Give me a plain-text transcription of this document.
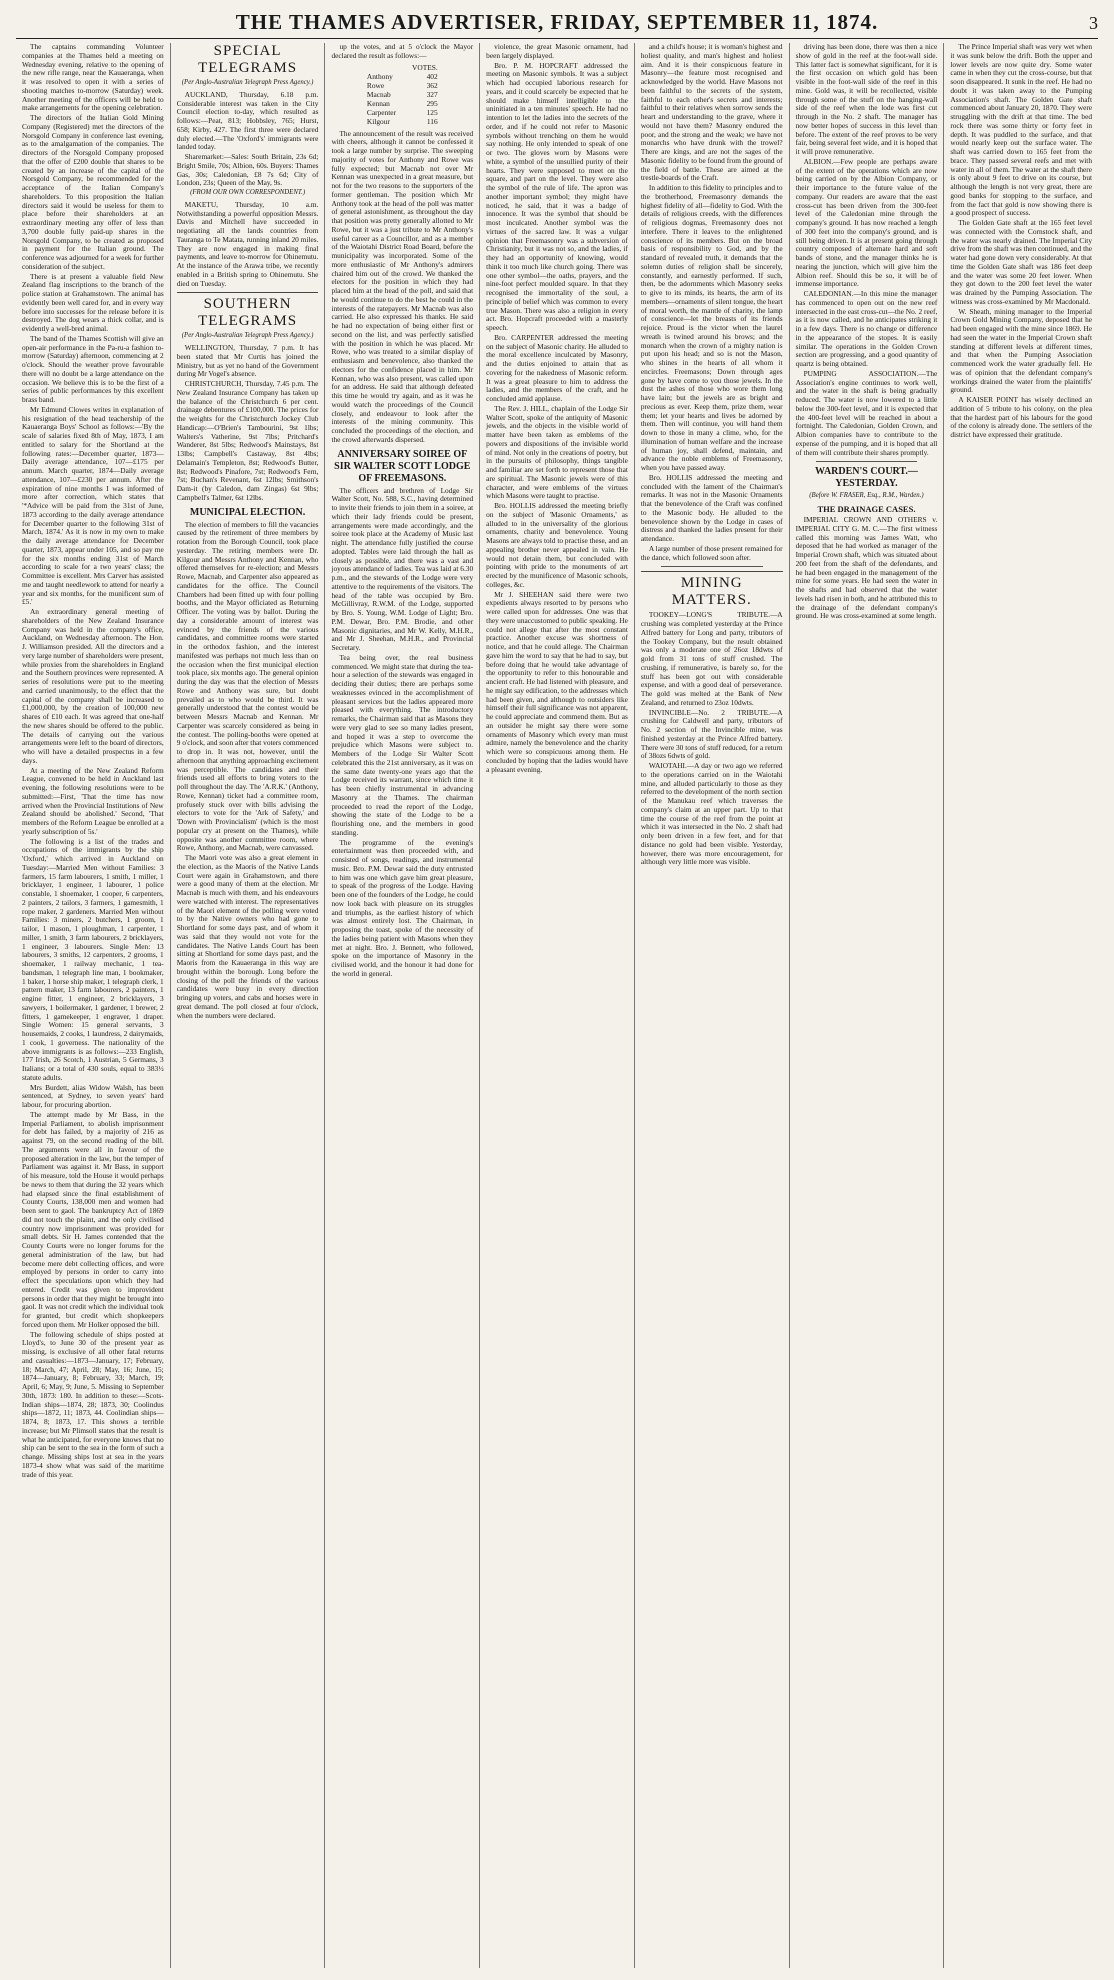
THE THAMES ADVERTISER, FRIDAY, SEPTEMBER 11, 1874.	3

The captains commanding Volunteer companies at the Thames held a meeting on Wednesday evening, relative to the opening of the new rifle range, near the Kauaeranga, when it was resolved to open it with a series of shooting matches to-morrow (Saturday) week. Another meeting of the officers will be held to make arrangements for the opening celebration.

The directors of the Italian Gold Mining Company (Registered) met the directors of the Norsgold Company in conference last evening, as to the amalgamation of the companies. The directors of the Norsgold Company proposed that the offer of £200 double that shares to be created by an increase of the capital of the Norsgold Company, be recommended for the acceptance of the Italian Company's shareholders. To this proposition the Italian directors said it would be useless for them to place before their shareholders at an extraordinary meeting any offer of less than 3,700 double fully paid-up shares in the Norsgold Company, to be created as proposed in payment for the Italian ground. The conference was adjourned for a week for further consideration of the subject.

There is at present a valuable field New Zealand flag inscriptions to the branch of the police station at Grahamstown. The animal has evidently been well cared for, and in every way before into successes for the release before it is destroyed. The dog wears a thick collar, and is evidently a well-bred animal.

The band of the Thames Scottish will give an open-air performance in the Pa-ru-a fashion to-morrow (Saturday) afternoon, commencing at 2 o'clock. Should the weather prove favourable there will no doubt be a large attendance on the occasion. We believe this is to be the first of a series of public performances by this excellent brass band.

Mr Edmund Clowes writes in explanation of his resignation of the head teachership of the Kauaeranga Boys' School as follows:—'By the scale of salaries fixed 8th of May, 1873, I am entitled to salary for the Shortland at the following rates:—December quarter, 1873—Daily average attendance, 107—£175 per annum. March quarter, 1874—Daily average attendance, 107—£230 per annum. After the expiration of nine months I was informed of more after correction, which states that '*Advice will be paid from the 31st of June, 1873 according to the daily average attendance for December quarter to the following 31st of March, 1874.' As it is now in my own to make the daily average attendance for December quarter, 1873, appear under 105, and so pay me for the six months ending 31st of March according to scale for a two years' class; the Committee is excellent. Mrs Carver has assisted me and taught needlework to attend for nearly a year and six months, for the munificent sum of £5.'

An extraordinary general meeting of shareholders of the New Zealand Insurance Company was held in the company's office, Auckland, on Wednesday afternoon. The Hon. J. Williamson presided. All the directors and a very large number of shareholders were present, while proxies from the shareholders in England and the Southern provinces were represented. A series of resolutions were put to the meeting and carried unanimously, to the effect that the capital of the company shall be increased to £1,000,000, by the creation of 100,000 new shares of £10 each. It was agreed that one-half the new shares should be offered to the public. The details of carrying out the various arrangements were left to the board of directors, who will have a detailed prospectus in a few days.

At a meeting of the New Zealand Reform League, convened to be held in Auckland last evening, the following resolutions were to be submitted:—First, 'That the time has now arrived when the Provincial Institutions of New Zealand should be abolished.' Second, 'That members of the Reform League be enrolled at a yearly subscription of 5s.'

The following is a list of the trades and occupations of the immigrants by the ship 'Oxford,' which arrived in Auckland on Tuesday:—Married Men without Families: 3 farmers, 15 farm labourers, 1 smith, 1 miller, 1 bricklayer, 1 engineer, 1 labourer, 1 police constable, 1 shoemaker, 1 cooper, 6 carpenters, 2 painters, 2 tailors, 3 farmers, 1 gamesmith, 1 rope maker, 2 gardeners. Married Men without Families: 3 miners, 2 butchers, 1 groom, 1 tailor, 1 mason, 1 ploughman, 1 carpenter, 1 miller, 1 smith, 3 farm labourers, 2 bricklayers, 1 engineer, 3 labourers. Single Men: 13 labourers, 3 smiths, 12 carpenters, 2 grooms, 1 shoemaker, 1 railway mechanic, 1 tea-bandsman, 1 telegraph line man, 1 bookmaker, 1 baker, 1 horse ship maker, 1 telegraph clerk, 1 pattern maker, 13 farm labourers, 2 painters, 1 engine fitter, 1 engineer, 2 bricklayers, 3 sawyers, 1 boilermaker, 1 gardener, 1 brewer, 2 fitters, 1 gamekeeper, 1 engraver, 1 draper. Single Women: 15 general servants, 3 housemaids, 2 cooks, 1 laundress, 2 dairymaids, 1 cook, 1 governess. The nationality of the above immigrants is as follows:—233 English, 177 Irish, 26 Scotch, 1 Austrian, 5 Germans, 3 Italians; or a total of 430 souls, equal to 383½ statute adults.

Mrs Burdett, alias Widow Walsh, has been sentenced, at Sydney, to seven years' hard labour, for procuring abortion.

The attempt made by Mr Bass, in the Imperial Parliament, to abolish imprisonment for debt has failed, by a majority of 216 as against 79, on the second reading of the bill. The arguments were all in favour of the proposed alteration in the law, but the temper of Parliament was against it. Mr Bass, in support of his measure, told the House it would perhaps be news to them that during the 32 years which had elapsed since the final establishment of County Courts, 138,000 men and women had been sent to gaol. The bankruptcy Act of 1869 did not touch the plaint, and the only civilised country now imprisonment was provided for small debts. Sir H. James contended that the County Courts were no longer forums for the general administration of the law, but had become mere debt collecting offices, and were employed by persons in order to carry into effect the speculations upon which they had entered. Credit was given to improvident persons in order that they might be brought into gaol. It was not credit which the individual took for granted, but credit which shopkeepers forced upon them. Mr Holker opposed the bill.

The following schedule of ships posted at Lloyd's, to June 30 of the present year as missing, is exclusive of all other fatal returns and casualties:—1873—January, 17; February, 18; March, 47; April, 28; May, 16; June, 15; 1874—January, 8; February, 33; March, 19; April, 6; May, 9; June, 5. Missing to September 30th, 1873: 180. In addition to these:—Scots-Indian ships—1874, 28; 1873, 30; Coolindus ships—1872, 11; 1873, 44. Coolindian ships—1874, 8; 1873, 17. This shows a terrible increase; but Mr Plimsoll states that the result is what he anticipated, for everyone knows that no ship can be sent to the sea in the form of such a change. Missing ships lost at sea in the years 1873-4 show what was said of the maritime trade of this year.

SPECIAL TELEGRAMS

(Per Anglo-Australian Telegraph Press Agency.)

AUCKLAND, Thursday, 6.18 p.m. Considerable interest was taken in the City Council election to-day, which resulted as follows:—Peat, 813; Hobbsley, 765; Hurst, 658; Kirby, 427. The first three were declared duly elected.—The 'Oxford's' immigrants were landed today.

Sharemarket:—Sales: South Britain, 23s 6d; Bright Smile, 70s; Albion, 60s. Buyers: Thames Gas, 30s; Caledonian, £8 7s 6d; City of London, 23s; Queen of the May, 9s.

(FROM OUR OWN CORRESPONDENT.)

MAKETU, Thursday, 10 a.m. Notwithstanding a powerful opposition Messrs. Davis and Mitchell have succeeded in negotiating all the lands countries from Tauranga to Te Matata, running inland 20 miles. They are now engaged in making final payments, and leave to-morrow for Ohinemutu. At the instance of the Arawa tribe, we recently enabled in a British spring to Ohinemutu. She died on Tuesday.

SOUTHERN TELEGRAMS

(Per Anglo-Australian Telegraph Press Agency.)

WELLINGTON, Thursday, 7 p.m. It has been stated that Mr Curtis has joined the Ministry, but as yet no hand of the Government during Mr Vogel's absence.

CHRISTCHURCH, Thursday, 7.45 p.m. The New Zealand Insurance Company has taken up the balance of the Christchurch 6 per cent. drainage debentures of £100,000. The prices for the weights for the Christchurch Jockey Club Handicap:—O'Brien's Tambourini, 9st 1lbs; Walters's Vatherine, 9st 7lbs; Pritchard's Wanderer, 8st 5lbs; Redwood's Mainstays, 8st 13lbs; Campbell's Castaway, 8st 4lbs; Delamain's Templeton, 8st; Redwood's Butter, 8st; Redwood's Pinafore, 7st; Redwood's Fern, 7st; Buchan's Revenant, 6st 12lbs; Smithson's Dam-it (by Caledon, dam Zingas) 6st 9lbs; Campbell's Talmer, 6st 12lbs.

MUNICIPAL ELECTION.

The election of members to fill the vacancies caused by the retirement of three members by rotation from the Borough Council, took place yesterday. The retiring members were Dr. Kilgour and Messrs Anthony and Kennan, who offered themselves for re-election; and Messrs Rowe, Macnab, and Carpenter also appeared as candidates for the office. The Council Chambers had been fitted up with four polling booths, and the Mayor officiated as Returning Officer. The voting was by ballot. During the day a considerable amount of interest was evinced by the friends of the various candidates, and committee rooms were started in the orthodox fashion, and the interest manifested was perhaps not much less than on the occasion when the first municipal election took place, six months ago. The general opinion during the day was that the election of Messrs Rowe and Anthony was sure, but doubt prevailed as to who would be third. It was generally understood that the contest would be between Messrs Macnab and Kennan. Mr Carpenter was scarcely considered as being in the contest. The polling-booths were opened at 9 o'clock, and soon after that voters commenced to drop in. It was not, however, until the afternoon that anything approaching excitement was perceptible. The candidates and their friends used all efforts to bring voters to the poll throughout the day. The 'A.R.K.' (Anthony, Rowe, Kennan) ticket had a committee room, profusely stuck over with bills advising the electors to vote for the 'Ark of Safety,' and 'Down with Provincialism' (which is the most popular cry at present on the Thames), while opposite was another committee room, where Rowe, Anthony, and Macnab, were canvassed.

The Maori vote was also a great element in the election, as the Maoris of the Native Lands Court were again in Grahamstown, and there were a good many of them at the election. Mr Macnab is much with them, and his endeavours were watched with interest. The representatives of the Maori element of the polling were voted to by the Native owners who had gone to Shortland for some days past, and of whom it was said that they would not vote for the candidates. The Native Lands Court has been sitting at Shortland for some days past, and the Maoris from the Kauaeranga in this way are brought within the borough. Long before the closing of the poll the friends of the various candidates were busy in every direction bringing up voters, and cabs and horses were in great demand. The poll closed at four o'clock, when the numbers were declared.

up the votes, and at 5 o'clock the Mayor declared the result as follows:—

	VOTES.
Anthony	402
Rowe	362
Macnab	327
Kennan	295
Carpenter	125
Kilgour	116

The announcement of the result was received with cheers, although it cannot be confessed it took a large number by surprise. The sweeping majority of votes for Anthony and Rowe was fully expected; but Macnab not over Mr Kennan was unexpected in a great measure, but not for the two reasons to the supporters of the former gentleman. The position which Mr Anthony took at the head of the poll was matter of general astonishment, as throughout the day that position was pretty generally allotted to Mr Rowe, but it was a just tribute to Mr Anthony's useful career as a Councillor, and as a member of the Waiotahi District Road Board, before the municipality was incorporated. Some of the more enthusiastic of Mr Anthony's admirers chaired him out of the crowd. We thanked the electors for the position in which they had placed him at the head of the poll, and said that he would continue to do the best he could in the interests of the ratepayers. Mr Macnab was also carried. He also expressed his thanks. He said he had no expectation of being either first or second on the list, and was perfectly satisfied with the position in which he was placed. Mr Rowe, who was treated to a similar display of enthusiasm and benevolence, also thanked the electors for the confidence placed in him. Mr Kennan, who was also present, was called upon for an address. He said that although defeated this time he would try again, and as it was he would watch the proceedings of the Council closely, and endeavour to look after the interests of the mining community. This concluded the proceedings of the election, and the crowd afterwards dispersed.

ANNIVERSARY SOIREE OF SIR WALTER SCOTT LODGE OF FREEMASONS.

The officers and brethren of Lodge Sir Walter Scott, No. 588, S.C., having determined to invite their friends to join them in a soiree, at which their lady friends could be present, arrangements were made accordingly, and the soiree took place at the Academy of Music last night. The attendance fully justified the course adopted. Tables were laid through the hall as closely as possible, and there was a vast and joyous attendance of ladies. Tea was laid at 6.30 p.m., and the stewards of the Lodge were very attentive to the requirements of the visitors. The head of the table was occupied by Bro. McGillivray, R.W.M. of the Lodge, supported by Bro. S. Young, W.M. Lodge of Light; Bro. P.M. Dewar, Bro. P.M. Brodie, and other Masonic dignitaries, and Mr W. Kelly, M.H.R., and Mr J. Sheehan, M.H.R., and Provincial Secretary.

Tea being over, the real business commenced. We might state that during the tea-hour a selection of the stewards was engaged in deciding their duties; there are perhaps some weaknesses evinced in the accomplishment of pleasant services but the ladies appeared more pleased with everything. The introductory remarks, the Chairman said that as Masons they were very glad to see so many ladies present, and hoped it was a step to overcome the prejudice which Masons were subject to. Members of the Lodge Sir Walter Scott celebrated this the 21st anniversary, as it was on the same date twenty-one years ago that the Lodge received its warrant, since which time it has been chiefly instrumental in advancing Masonry at the Thames. The chairman proceeded to read the report of the Lodge, showing the state of the Lodge to be a flourishing one, and the members in good standing.

The programme of the evening's entertainment was then proceeded with, and consisted of songs, readings, and instrumental music. Bro. P.M. Dewar said the duty entrusted to him was one which gave him great pleasure, to speak of the progress of the Lodge. Having been one of the founders of the Lodge, he could now look back with pleasure on its struggles and triumphs, as the earliest history of which was almost entirely lost. The Chairman, in proposing the toast, spoke of the necessity of the ladies being patient with Masons when they met at night. Bro. J. Bennett, who followed, spoke on the importance of Masonry in the civilised world, and the honour it had done for the world in general.

violence, the great Masonic ornament, had been largely displayed.

Bro. P. M. HOPCRAFT addressed the meeting on Masonic symbols. It was a subject which had occupied laborious research for years, and it could scarcely be expected that he should make himself intelligible to the uninitiated in a ten minutes' speech. He had no intention to let the ladies into the secrets of the order, and if he could not refer to Masonic symbols without trenching on them he would say nothing. He only intended to speak of one or two. The gloves worn by Masons were white, a symbol of the unsullied purity of their hearts. They were supposed to meet on the square, and part on the level. They were also the symbol of the rule of life. The apron was another important symbol; they might have noticed, he said, that it was a badge of innocence. It was the symbol that should be most inculcated. Another symbol was the virtues of the sacred law. It was a vulgar opinion that Freemasonry was a subversion of Christianity, but it was not so, and the ladies, if they had an opportunity of knowing, would think it too much like church going. There was one other symbol—the oaths, prayers, and the nine-foot perfect moulded square. In that they recognised the immortality of the soul, a principle of belief which was common to every true Mason. There was also a religion in every act. Bro. Hopcraft proceeded with a masterly speech.

Bro. CARPENTER addressed the meeting on the subject of Masonic charity. He alluded to the moral excellence inculcated by Masonry, and the duties enjoined to attain that as covering for the nakedness of Masonic reform. It was a great pleasure to him to address the ladies, and the members of the craft, and he concluded amid applause.

The Rev. J. HILL, chaplain of the Lodge Sir Walter Scott, spoke of the antiquity of Masonic jewels, and the objects in the visible world of matter have been taken as emblems of the powers and dispositions of the invisible world of mind. Not only in the creations of poetry, but in the pursuits of philosophy, things tangible and familiar are set forth to represent those that are spiritual. The Masonic jewels were of this character, and were emblems of the virtues which Masons were taught to practise.

Bro. HOLLIS addressed the meeting briefly on the subject of 'Masonic Ornaments,' as alluded to in the universality of the glorious ornaments, charity and benevolence. Young Masons are always told to practise these, and an appealing brother never appealed in vain. He would not detain them, but concluded with pointing with pride to the monuments of art erected by the munificence of Masonic schools, colleges, &c.

Mr J. SHEEHAN said there were two expedients always resorted to by persons who were called upon for addresses. One was that they were unaccustomed to public speaking. He could not allege that after the most constant practice. Another excuse was shortness of notice, and that he could allege. The Chairman gave him the word to say that he had to say, but before doing that he would take advantage of the opportunity to refer to this honourable and ancient craft. He had listened with pleasure, and he might say edification, to the addresses which had been given, and although to outsiders like himself their full significance was not apparent, he could appreciate and commend them. But as an outsider he might say there were some ornaments of Masonry which every man must admire, namely the benevolence and the charity which were so conspicuous among them. He concluded by hoping that the ladies would have a pleasant evening.

and a child's house; it is woman's highest and holiest quality, and man's highest and holiest aim. And it is their conspicuous feature in Masonry—the feature most recognised and acknowledged by the world. Have Masons not been faithful to the secrets of the system, faithful to each other's secrets and interests; faithful to their relatives when sorrow sends the heart and understanding to the grave, where it would not have them? Masonry endured the poor, and the strong and the weak; we have not monarchs who have drunk with the trowel? There are kings, and are not the sages of the Masonic fidelity to be found from the ground of the field of battle. These are aimed at the trestle-boards of the Craft.

In addition to this fidelity to principles and to the brotherhood, Freemasonry demands the highest fidelity of all—fidelity to God. With the details of religious creeds, with the differences of religious dogmas, Freemasonry does not interfere. There it leaves to the enlightened conscience of its members. But on the broad basis of responsibility to God, and by the standard of revealed truth, it demands that the solemn duties of religion shall be sincerely, constantly, and earnestly performed. If such, then, be the adornments which Masonry seeks to give to its minds, its hearts, the arm of its members—ornaments of silent tongue, the heart of moral worth, the mantle of charity, the lamp of conscience—let the breasts of its friends rejoice. Proud is the victor when the laurel wreath is twined around his brows; and the monarch when the crown of a mighty nation is put upon his head; and so is not the Mason, who shines in the hearts of all whom it encircles. Freemasons; Down through ages gone by have come to you those jewels. In the dust the ashes of those who wore them long have lain; but the jewels are as bright and precious as ever. Keep them, prize them, wear them; let your hearts and lives be adorned by them. Then will continue, you will hand them down to those in many a clime, who, for the illumination of human welfare and the increase of human joy, shall defend, maintain, and advance the noble emblems of Freemasonry, when you have passed away.

Bro. HOLLIS addressed the meeting and concluded with the lament of the Chairman's remarks. It was not in the Masonic Ornaments that the benevolence of the Craft was confined to the Masonic body. He alluded to the benevolence shown by the Lodge in cases of distress and thanked the ladies present for their attendance.

A large number of those present remained for the dance, which followed soon after.

MINING MATTERS.

TOOKEY—LONG'S TRIBUTE.—A crushing was completed yesterday at the Prince Alfred battery for Long and party, tributors of the Tookey Company, but the result obtained was only a moderate one of 26oz 18dwts of gold from 31 tons of stuff crushed. The crushing, if remunerative, is barely so, for the stuff has been got out with considerable expense, and with a good deal of perseverance. The gold was melted at the Bank of New Zealand, and returned to 23oz 10dwts.

INVINCIBLE—No. 2 TRIBUTE.—A crushing for Caldwell and party, tributors of No. 2 section of the Invincible mine, was finished yesterday at the Prince Alfred battery. There were 30 tons of stuff reduced, for a return of 38ozs 6dwts of gold.

WAIOTAHI.—A day or two ago we referred to the operations carried on in the Waiotahi mine, and alluded particularly to those as they referred to the development of the north section of the Manukau reef which traverses the company's claim at an upper part. Up to that time the course of the reef from the point at which it was intersected in the No. 2 shaft had only been driven in a few feet, and for that distance no gold had been visible. Yesterday, however, there was more encouragement, for although very little more was visible.

driving has been done, there was then a nice show of gold in the reef at the foot-wall side. This latter fact is somewhat significant, for it is the first occasion on which gold has been visible in the foot-wall side of the reef in this mine. Gold was, it will be recollected, visible through some of the stuff on the hanging-wall side of the reef when the lode was first cut through in the No. 2 shaft. The manager has now better hopes of success in this level than before. The extent of the reef proves to be very fair, being several feet wide, and it is hoped that it will prove remunerative.

ALBION.—Few people are perhaps aware of the extent of the operations which are now being carried on by the Albion Company, or their importance to the future value of the company. Our readers are aware that the east cross-cut has been driven from the 300-feet level of the Caledonian mine through the company's ground. It has now reached a length of 300 feet into the company's ground, and is still being driven. It is at present going through country composed of alternate hard and soft bands of stone, and the manager thinks he is nearing the junction, which will give him the Albion reef. Should this be so, it will be of immense importance.

CALEDONIAN.—In this mine the manager has commenced to open out on the new reef intersected in the east cross-cut—the No. 2 reef, as it is now called, and he anticipates striking it in a few days. There is no change or difference in the appearance of the stopes. It is easily similar. The operations in the Golden Crown section are progressing, and a good quantity of quartz is being obtained.

PUMPING ASSOCIATION.—The Association's engine continues to work well, and the water in the shaft is being gradually reduced. The water is now lowered to a little below the 300-feet level, and it is expected that the 400-feet level will be reached in about a fortnight. The Caledonian, Golden Crown, and Albion companies have to contribute to the expense of the pumping, and it is hoped that all of them will contribute their shares promptly.

WARDEN'S COURT.—YESTERDAY.

(Before W. FRASER, Esq., R.M., Warden.)

THE DRAINAGE CASES.

IMPERIAL CROWN AND OTHERS v. IMPERIAL CITY G. M. C.—The first witness called this morning was James Watt, who deposed that he had worked as manager of the Imperial Crown shaft, which was situated about 200 feet from the shaft of the defendants, and he had been engaged in the management of the mine for some years. He had seen the water in the shafts and had observed that the water levels had risen in both, and he attributed this to the drainage of the defendant company's ground. He was cross-examined at some length.

The Prince Imperial shaft was very wet when it was sunk below the drift. Both the upper and lower levels are now quite dry. Some water came in when they cut the cross-course, but that soon disappeared. It sunk in the reef. He had no doubt it was taken away to the Pumping Association's shaft. The Golden Gate shaft commenced about January 20, 1870. They were struggling with the drift at that time. The bed rock there was some thirty or forty feet in depth. It was puddled to the surface, and that would nearly keep out the surface water. The shaft was carried down to 165 feet from the brace. They passed several reefs and met with water in all of them. The water at the shaft there is only about 9 feet to drive on its course, but although the length is not very great, there are good banks for stopping to the surface, and from the fact that gold is now showing there is a good prospect of success.

The Golden Gate shaft at the 165 feet level was connected with the Cornstock shaft, and the water was nearly drained. The Imperial City drive from the shaft was then continued, and the water had gone down very considerably. At that time the Golden Gate shaft was 186 feet deep and the water was some 20 feet lower. When they got down to the 200 feet level the water was drained by the Pumping Association. The witness was cross-examined by Mr Macdonald.

W. Sheath, mining manager to the Imperial Crown Gold Mining Company, deposed that he had been engaged with the mine since 1869. He had seen the water in the Imperial Crown shaft standing at different levels at different times, and that when the Pumping Association commenced work the water gradually fell. He was of opinion that the defendant company's workings drained the water from the plaintiffs' ground.

A KAISER POINT has wisely declined an addition of 5 tribute to his colony, on the plea that the hardest part of his labours for the good of the colony is already done. The settlers of the district have expressed their gratitude.
